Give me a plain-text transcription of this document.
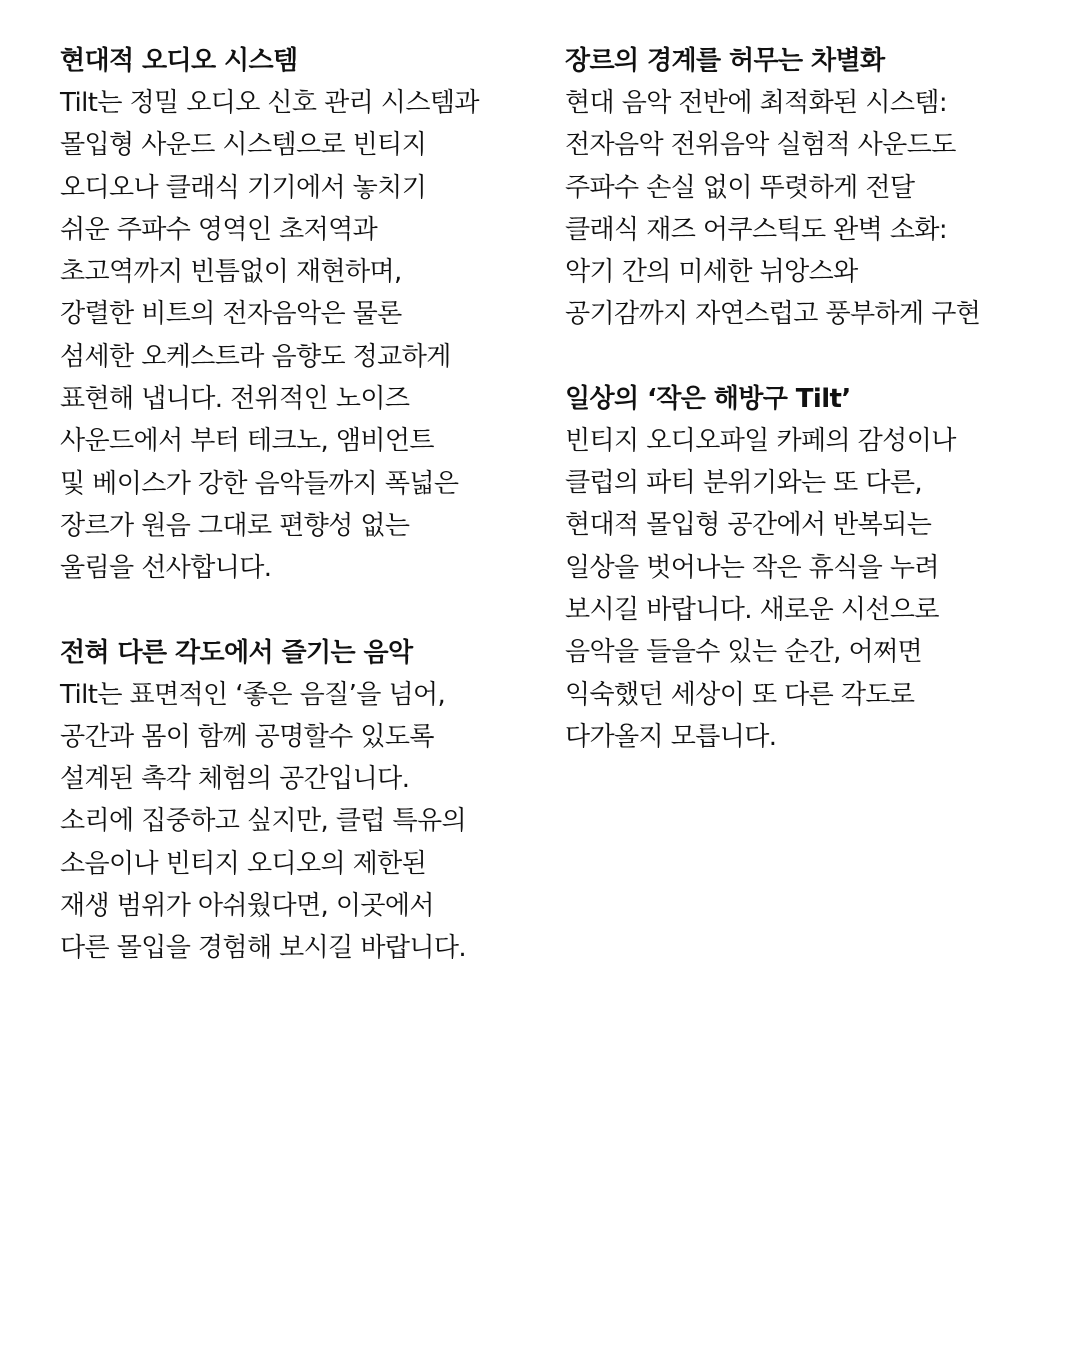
현대적 오디오 시스템

Tilt는 정밀 오디오 신호 관리 시스템과

몰입형 사운드 시스템으로 빈티지

오디오나 클래식 기기에서 놓치기

쉬운 주파수 영역인 초저역과

초고역까지 빈틈없이 재현하며,

강렬한 비트의 전자음악은 물론

섬세한 오케스트라 음향도 정교하게

표현해 냅니다. 전위적인 노이즈

사운드에서 부터 테크노, 앰비언트

및 베이스가 강한 음악들까지 폭넓은

장르가 원음 그대로 편향성 없는

울림을 선사합니다.

전혀 다른 각도에서 즐기는 음악

Tilt는 표면적인 ‘좋은 음질’을 넘어,

공간과 몸이 함께 공명할수 있도록

설계된 촉각 체험의 공간입니다.

소리에 집중하고 싶지만, 클럽 특유의

소음이나 빈티지 오디오의 제한된

재생 범위가 아쉬웠다면, 이곳에서

다른 몰입을 경험해 보시길 바랍니다.

장르의 경계를 허무는 차별화

현대 음악 전반에 최적화된 시스템:

전자음악 전위음악 실험적 사운드도

주파수 손실 없이 뚜렷하게 전달

클래식 재즈 어쿠스틱도 완벽 소화:

악기 간의 미세한 뉘앙스와

공기감까지 자연스럽고 풍부하게 구현

일상의 ‘작은 해방구 Tilt’

빈티지 오디오파일 카페의 감성이나

클럽의 파티 분위기와는 또 다른,

현대적 몰입형 공간에서 반복되는

일상을 벗어나는 작은 휴식을 누려

보시길 바랍니다. 새로운 시선으로

음악을 들을수 있는 순간, 어쩌면

익숙했던 세상이 또 다른 각도로

다가올지 모릅니다.
